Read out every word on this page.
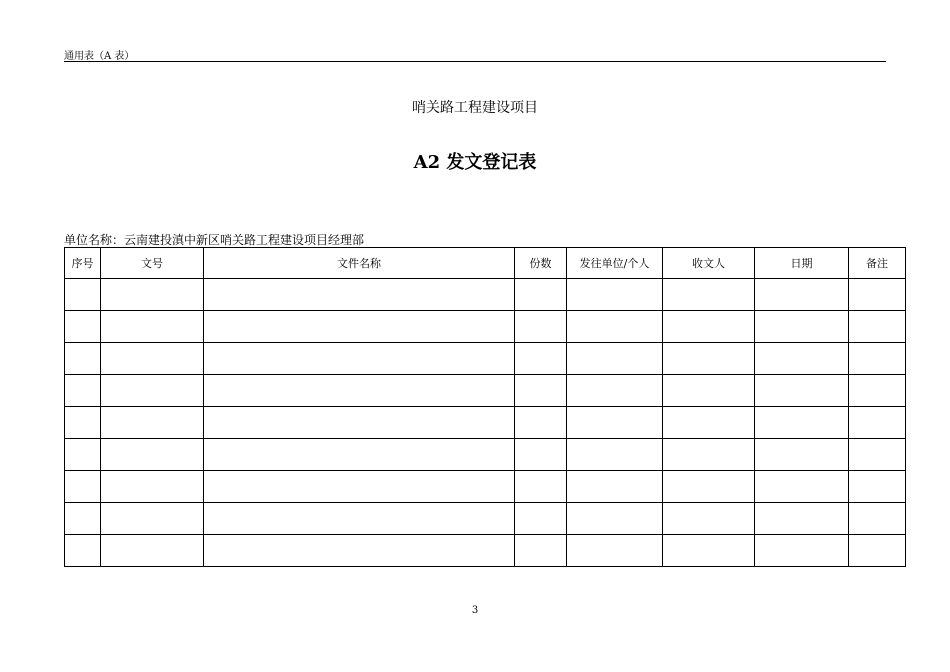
通用表（A 表）
哨关路工程建设项目
A2 发文登记表
单位名称：云南建投滇中新区哨关路工程建设项目经理部
序号	文号	文件名称	份数	发往单位/个人	收文人	日期	备注

3
